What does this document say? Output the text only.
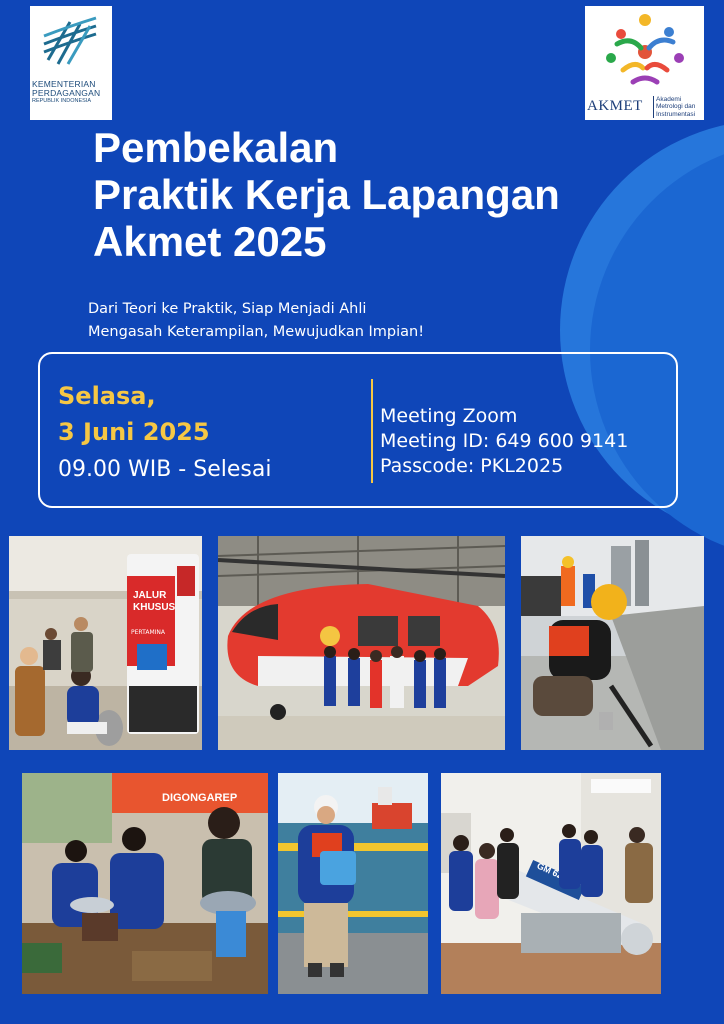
KEMENTERIAN
PERDAGANGAN
REPUBLIK INDONESIA	AKMET	Akademi
Metrologi dan
Instrumentasi
Pembekalan
Praktik Kerja Lapangan
Akmet 2025
Dari Teori ke Praktik, Siap Menjadi Ahli
Mengasah Keterampilan, Mewujudkan Impian!
Selasa,
3 Juni 2025
09.00 WIB - Selesai
Meeting Zoom
Meeting ID: 649 600 9141
Passcode: PKL2025
JALUR
KHUSUS
PERTAMINA
DIGONGAREP
GM
